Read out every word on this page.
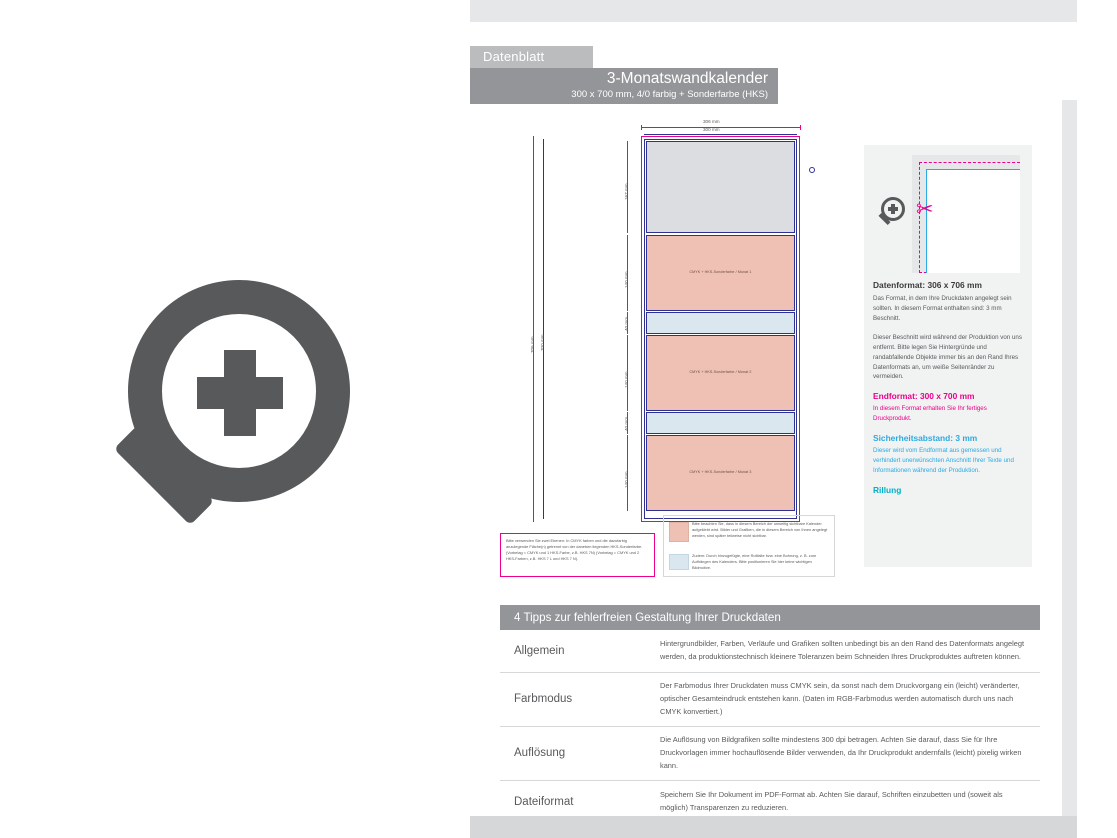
Datenblatt
3-Monatswandkalender
300 x 700 mm, 4/0 farbig + Sonderfarbe (HKS)
306 mm
300 mm
CMYK + HKS-Sonderfarbe / Monat 1
CMYK + HKS-Sonderfarbe / Monat 2
CMYK + HKS-Sonderfarbe / Monat 3
706 mm 700 mm
167 mm
140 mm
40 mm
140 mm
40 mm
140 mm
Bitte verwenden Sie zwei Ebenen: In CMYK farben und die dazufarbig anzulegende Fläche(n) getrennt von der daneben liegenden HKS-Sonderfarbe. (Vorbelag = CMYK und 1 HKS-Farbe, z.B. HKS 7N) (Vorbelag = CMYK und 2 HKS-Farben, z.B. HKS 7 L und HKS 7 N).
Bitte beachten Sie, dass in diesem Bereich der umseitig sichtbare Kalender aufgeklebt wird. Bilder und Grafiken, die in diesem Bereich von Ihnen angelegt werden, sind später teilweise nicht sichtbar.
Zudem: Durch hinzugefügte, eine Rollfalte bzw. eine Bohrung, z. B. zum Aufhängen des Kalenders. Bitte positionieren Sie hier keine wichtigen Bildmotive.
✂
Datenformat: 306 x 706 mm
Das Format, in dem Ihre Druckdaten angelegt sein sollten. In diesem Format enthalten sind: 3 mm Beschnitt.
Dieser Beschnitt wird während der Produktion von uns entfernt. Bitte legen Sie Hintergründe und randabfallende Objekte immer bis an den Rand Ihres Datenformats an, um weiße Seitenränder zu vermeiden.
Endformat: 300 x 700 mm
In diesem Format erhalten Sie Ihr fertiges Druckprodukt.
Sicherheitsabstand: 3 mm
Dieser wird vom Endformat aus gemessen und verhindert unerwünschten Anschnitt Ihrer Texte und Informationen während der Produktion.
Rillung
4 Tipps zur fehlerfreien Gestaltung Ihrer Druckdaten
Allgemein
Hintergrundbilder, Farben, Verläufe und Grafiken sollten unbedingt bis an den Rand des Datenformats angelegt werden, da produktionstechnisch kleinere Toleranzen beim Schneiden Ihres Druckproduktes auftreten können.
Farbmodus
Der Farbmodus Ihrer Druckdaten muss CMYK sein, da sonst nach dem Druckvorgang ein (leicht) veränderter, optischer Gesamteindruck entstehen kann. (Daten im RGB-Farbmodus werden automatisch durch uns nach CMYK konvertiert.)
Auflösung
Die Auflösung von Bildgrafiken sollte mindestens 300 dpi betragen. Achten Sie darauf, dass Sie für Ihre Druckvorlagen immer hochauflösende Bilder verwenden, da Ihr Druckprodukt andernfalls (leicht) pixelig wirken kann.
Dateiformat
Speichern Sie Ihr Dokument im PDF-Format ab. Achten Sie darauf, Schriften einzubetten und (soweit als möglich) Transparenzen zu reduzieren.
